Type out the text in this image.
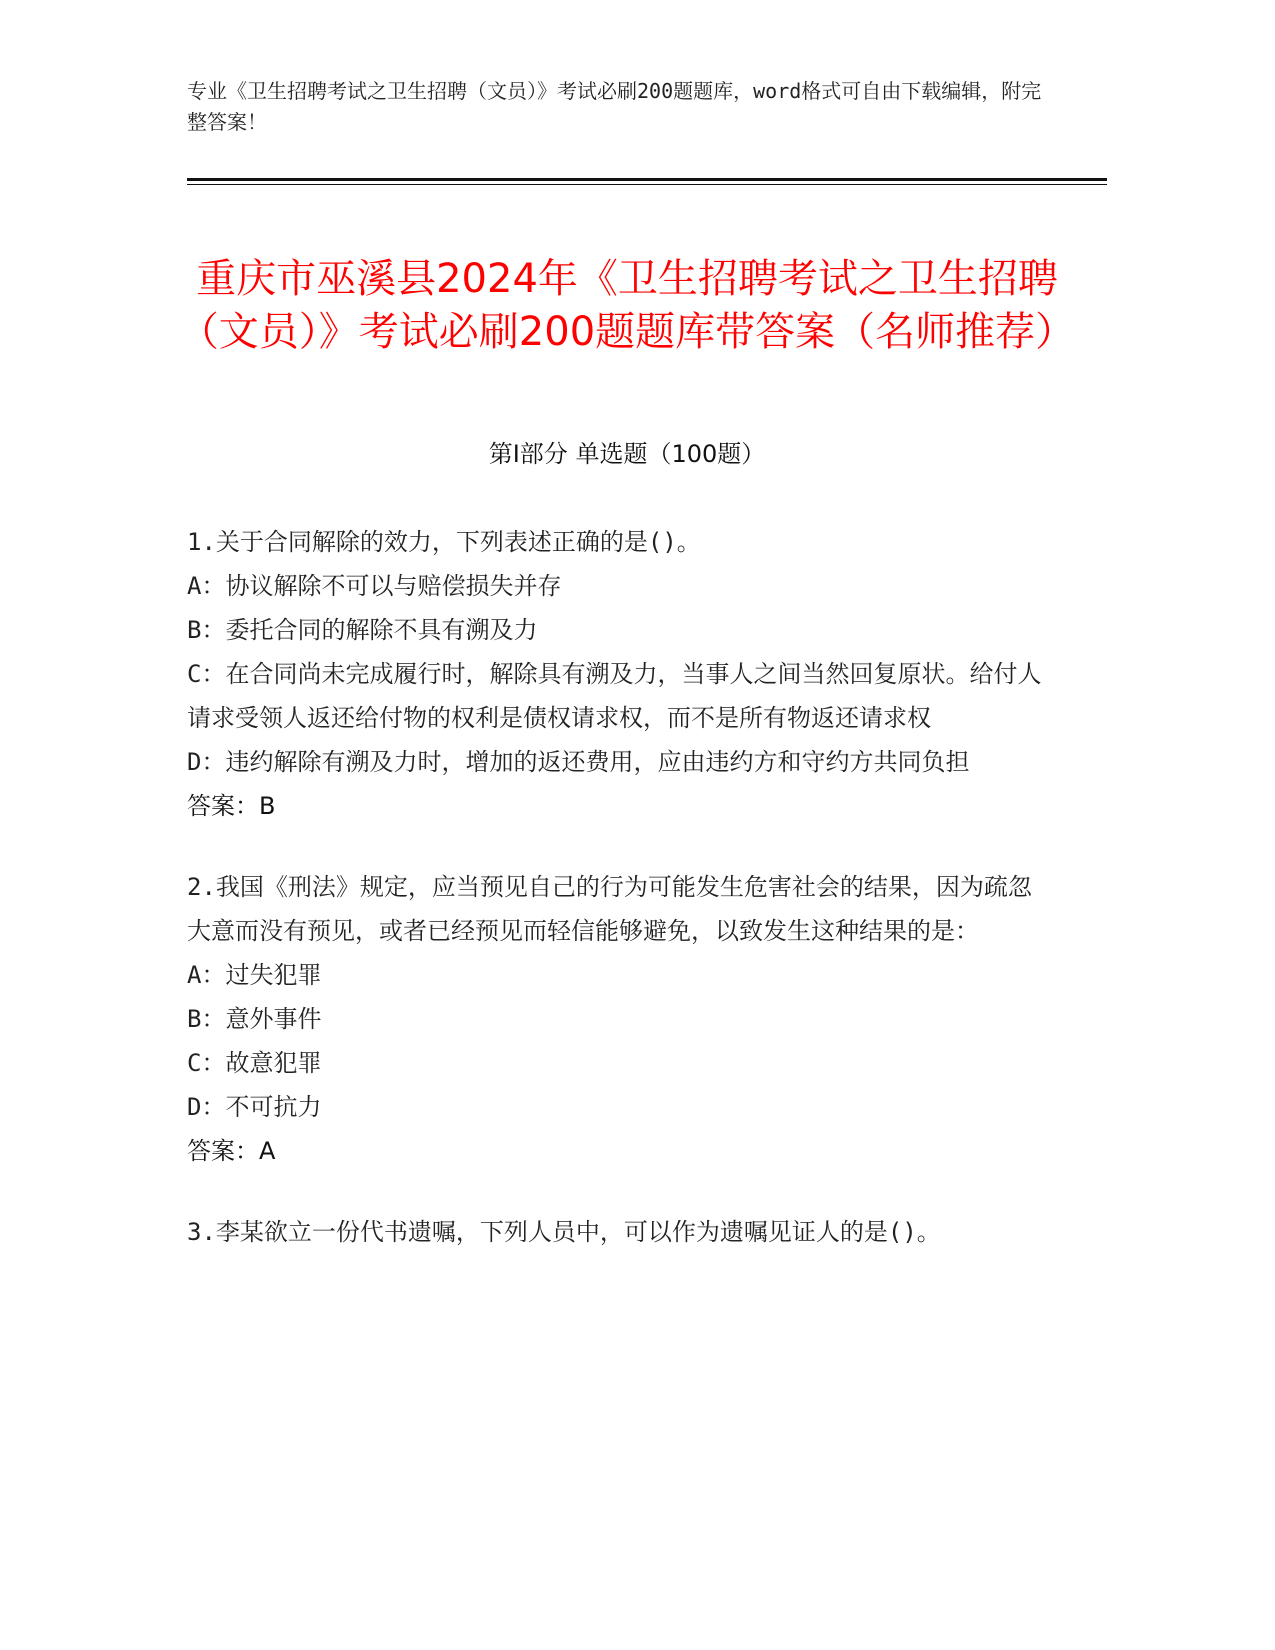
专业《卫生招聘考试之卫生招聘（文员）》考试必刷200题题库，word格式可自由下载编辑，附完整答案！
重庆市巫溪县2024年《卫生招聘考试之卫生招聘（文员）》考试必刷200题题库带答案（名师推荐）
第Ⅰ部分 单选题（100题）

1.关于合同解除的效力，下列表述正确的是()。

A：协议解除不可以与赔偿损失并存

B：委托合同的解除不具有溯及力

C：在合同尚未完成履行时，解除具有溯及力，当事人之间当然回复原状。给付人请求受领人返还给付物的权利是债权请求权，而不是所有物返还请求权

D：违约解除有溯及力时，增加的返还费用，应由违约方和守约方共同负担

答案：B

2.我国《刑法》规定，应当预见自己的行为可能发生危害社会的结果，因为疏忽大意而没有预见，或者已经预见而轻信能够避免，以致发生这种结果的是：

A：过失犯罪

B：意外事件

C：故意犯罪

D：不可抗力

答案：A

3.李某欲立一份代书遗嘱，下列人员中，可以作为遗嘱见证人的是()。
